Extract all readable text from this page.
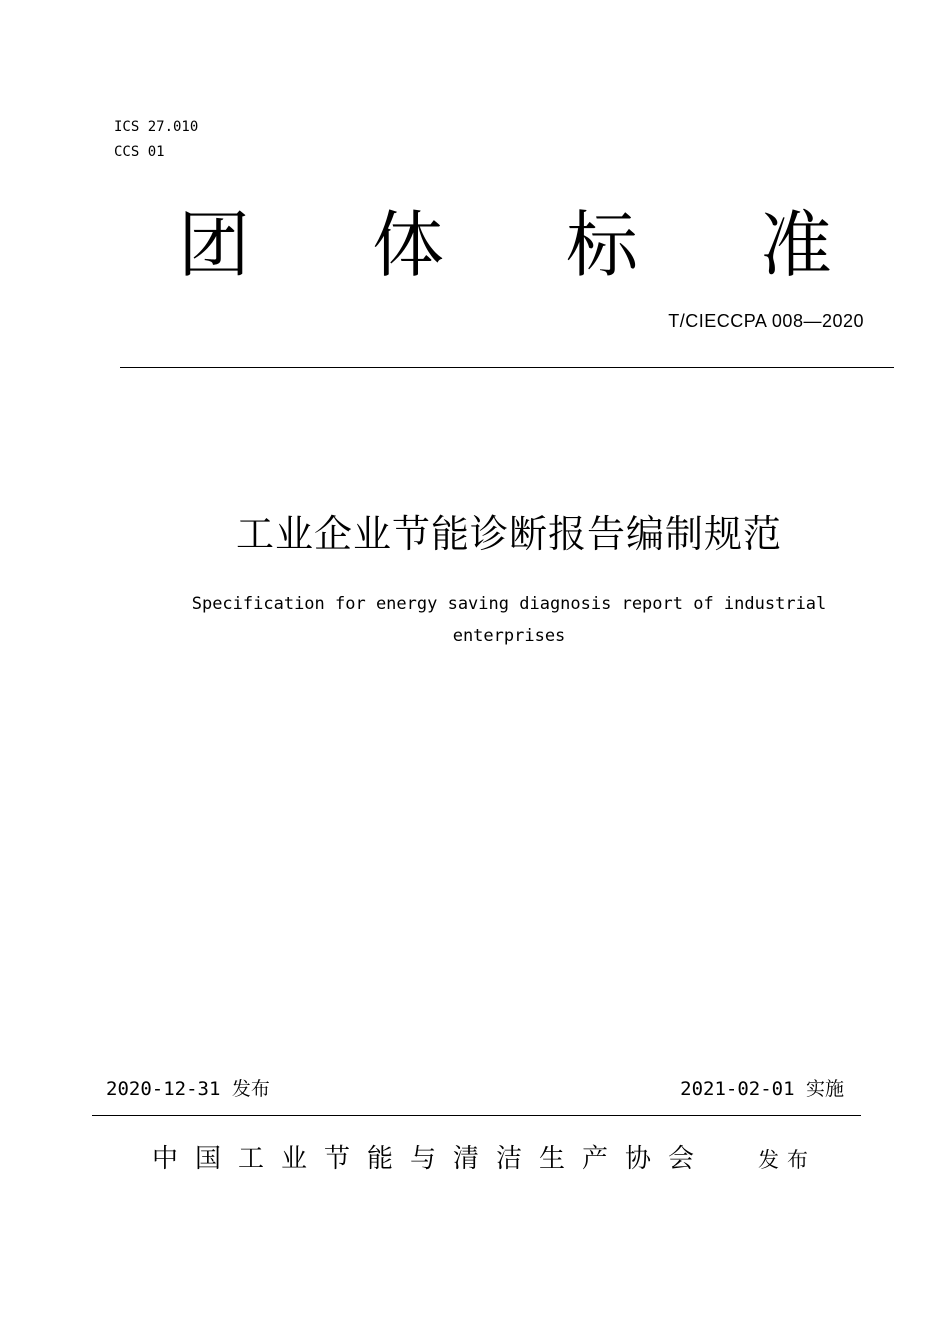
ICS 27.010
CCS 01
团 体 标 准
T/CIECCPA 008—2020
工业企业节能诊断报告编制规范
Specification for energy saving diagnosis report of industrial enterprises
2020-12-31 发布	2021-02-01 实施
中国工业节能与清洁生产协会 发布
